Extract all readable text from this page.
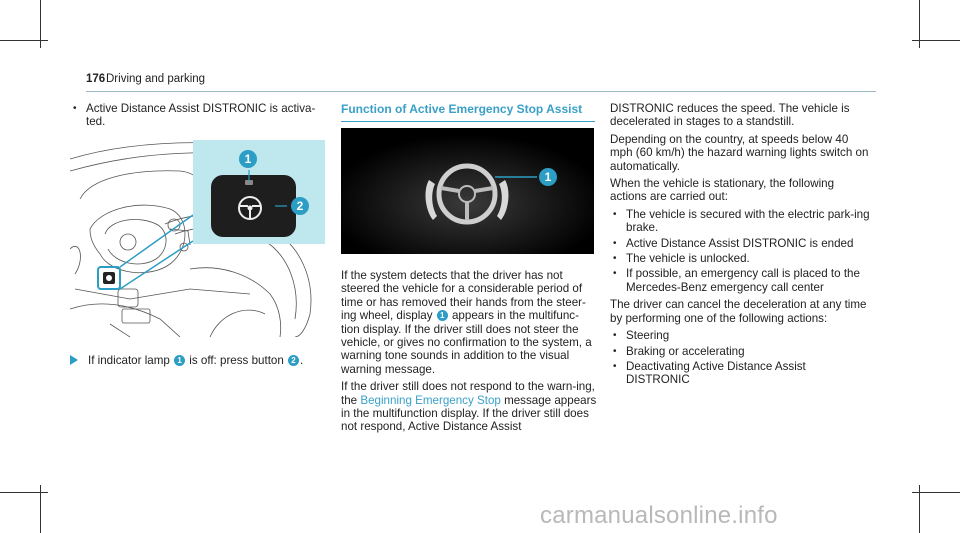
176 Driving and parking
• Active Distance Assist DISTRONIC is activa-
ted.
1
2
If indicator lamp 1 is off: press button 2 .
Function of Active Emergency Stop Assist
1

If the system detects that the driver has not steered the vehicle for a considerable period of time or has removed their hands from the steer-ing wheel, display 1 appears in the multifunc-tion display. If the driver still does not steer the vehicle, or gives no confirmation to the system, a warning tone sounds in addition to the visual warning message.

If the driver still does not respond to the warn-ing, the Beginning Emergency Stop message appears in the multifunction display. If the driver still does not respond, Active Distance Assist

DISTRONIC reduces the speed. The vehicle is decelerated in stages to a standstill.

Depending on the country, at speeds below 40 mph (60 km/h) the hazard warning lights switch on automatically.

When the vehicle is stationary, the following actions are carried out:

• The vehicle is secured with the electric park-ing brake.
• Active Distance Assist DISTRONIC is ended
• The vehicle is unlocked.
• If possible, an emergency call is placed to the Mercedes-Benz emergency call center

The driver can cancel the deceleration at any time by performing one of the following actions:

• Steering
• Braking or accelerating
• Deactivating Active Distance Assist DISTRONIC
carmanualsonline.info
